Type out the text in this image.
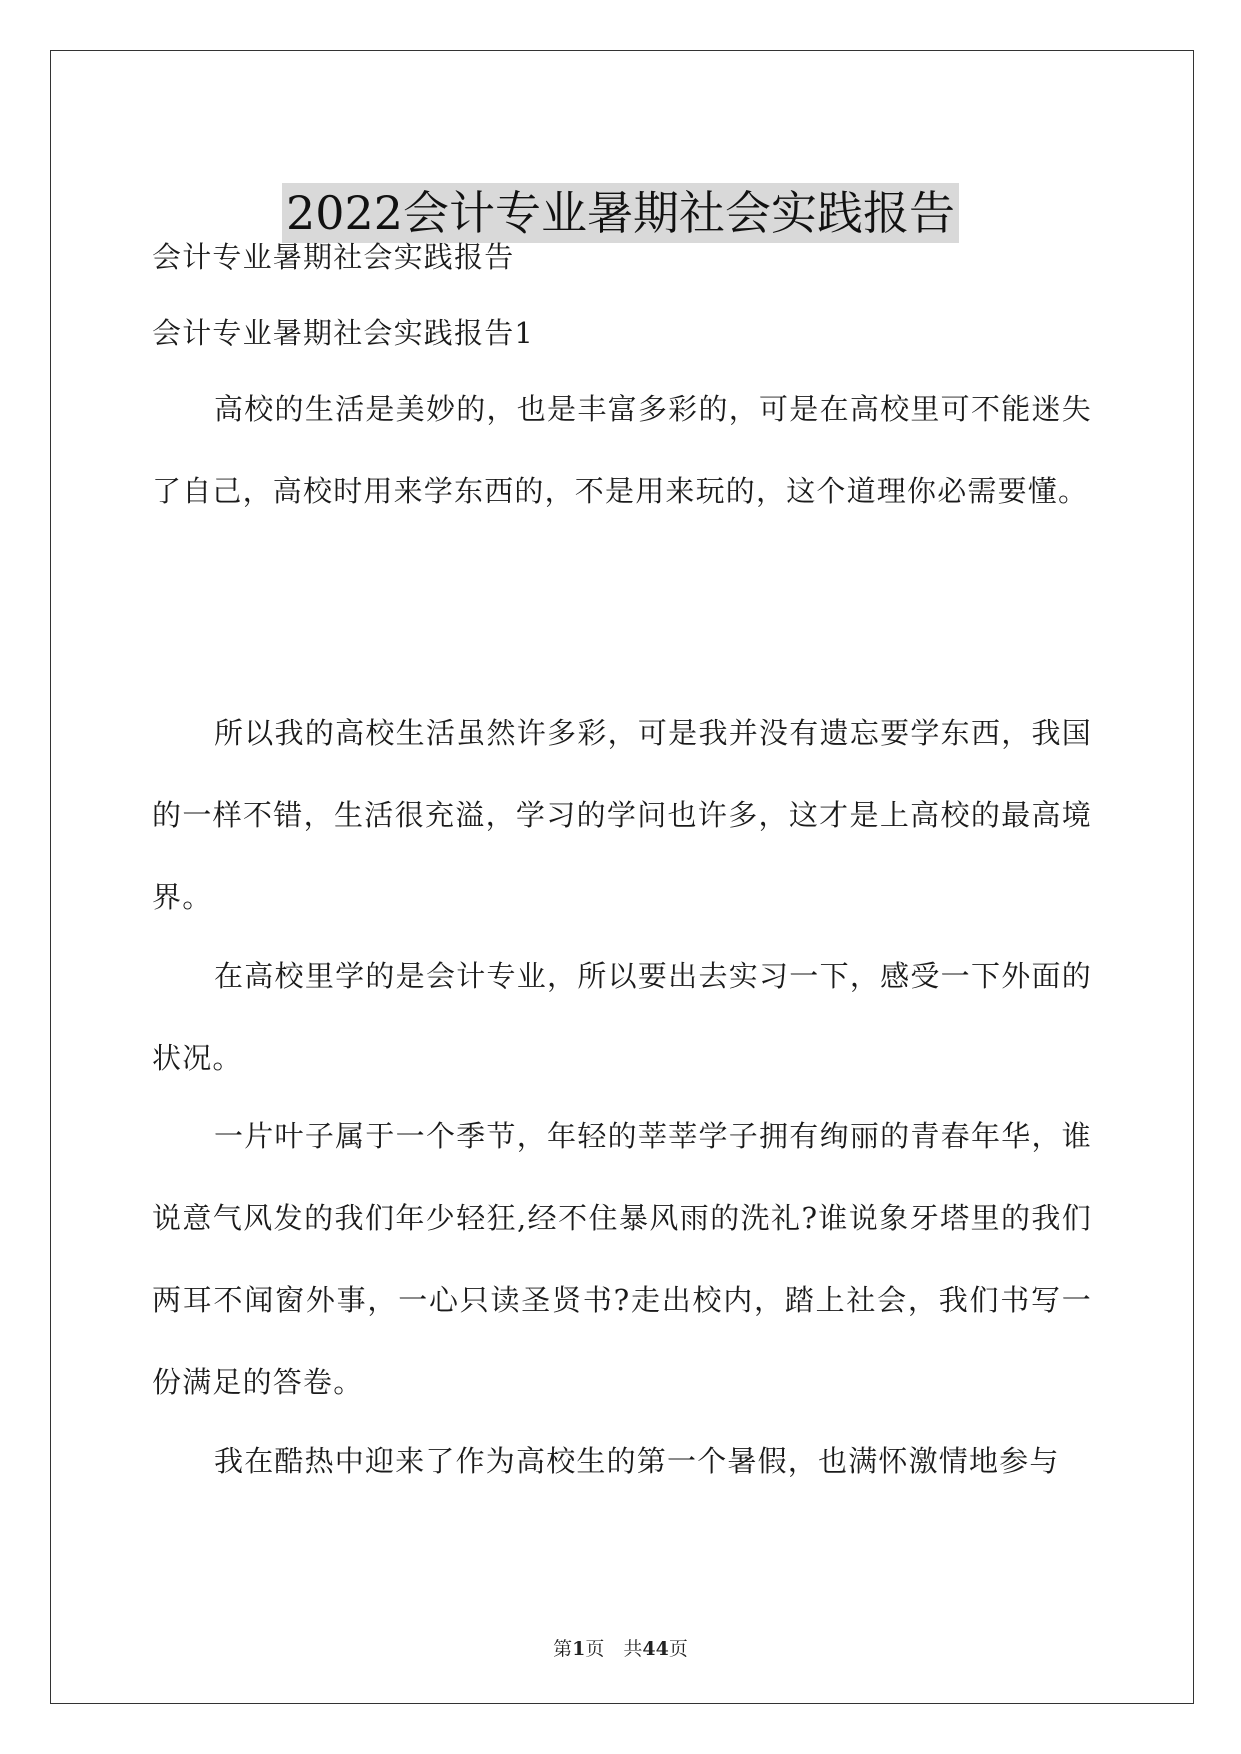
2022会计专业暑期社会实践报告

会计专业暑期社会实践报告

会计专业暑期社会实践报告1

高校的生活是美妙的，也是丰富多彩的，可是在高校里可不能迷失了自己，高校时用来学东西的，不是用来玩的，这个道理你必需要懂。

所以我的高校生活虽然许多彩，可是我并没有遗忘要学东西，我国的一样不错，生活很充溢，学习的学问也许多，这才是上高校的最高境界。

在高校里学的是会计专业，所以要出去实习一下，感受一下外面的状况。

一片叶子属于一个季节，年轻的莘莘学子拥有绚丽的青春年华，谁说意气风发的我们年少轻狂,经不住暴风雨的洗礼?谁说象牙塔里的我们两耳不闻窗外事，一心只读圣贤书?走出校内，踏上社会，我们书写一份满足的答卷。

我在酷热中迎来了作为高校生的第一个暑假，也满怀激情地参与

第1页　共44页
